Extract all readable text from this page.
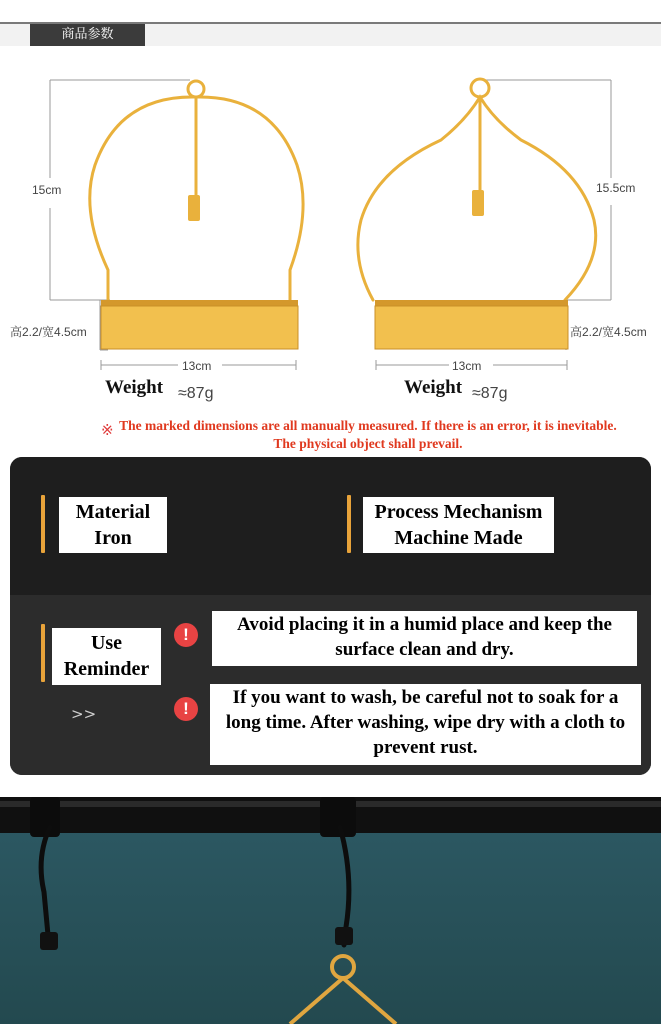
商品参数
15cm
高2.2/宽4.5cm
13cm
Weight ≈87g
15.5cm
高2.2/宽4.5cm
13cm
Weight ≈87g
※ The marked dimensions are all manually measured. If there is an error, it is inevitable. The physical object shall prevail.
Material
Iron
Process Mechanism
Machine Made
Use Reminder
>>
!	Avoid placing it in a humid place and keep the surface clean and dry.
!
If you want to wash, be careful not to soak for a long time. After washing, wipe dry with a cloth to prevent rust.
